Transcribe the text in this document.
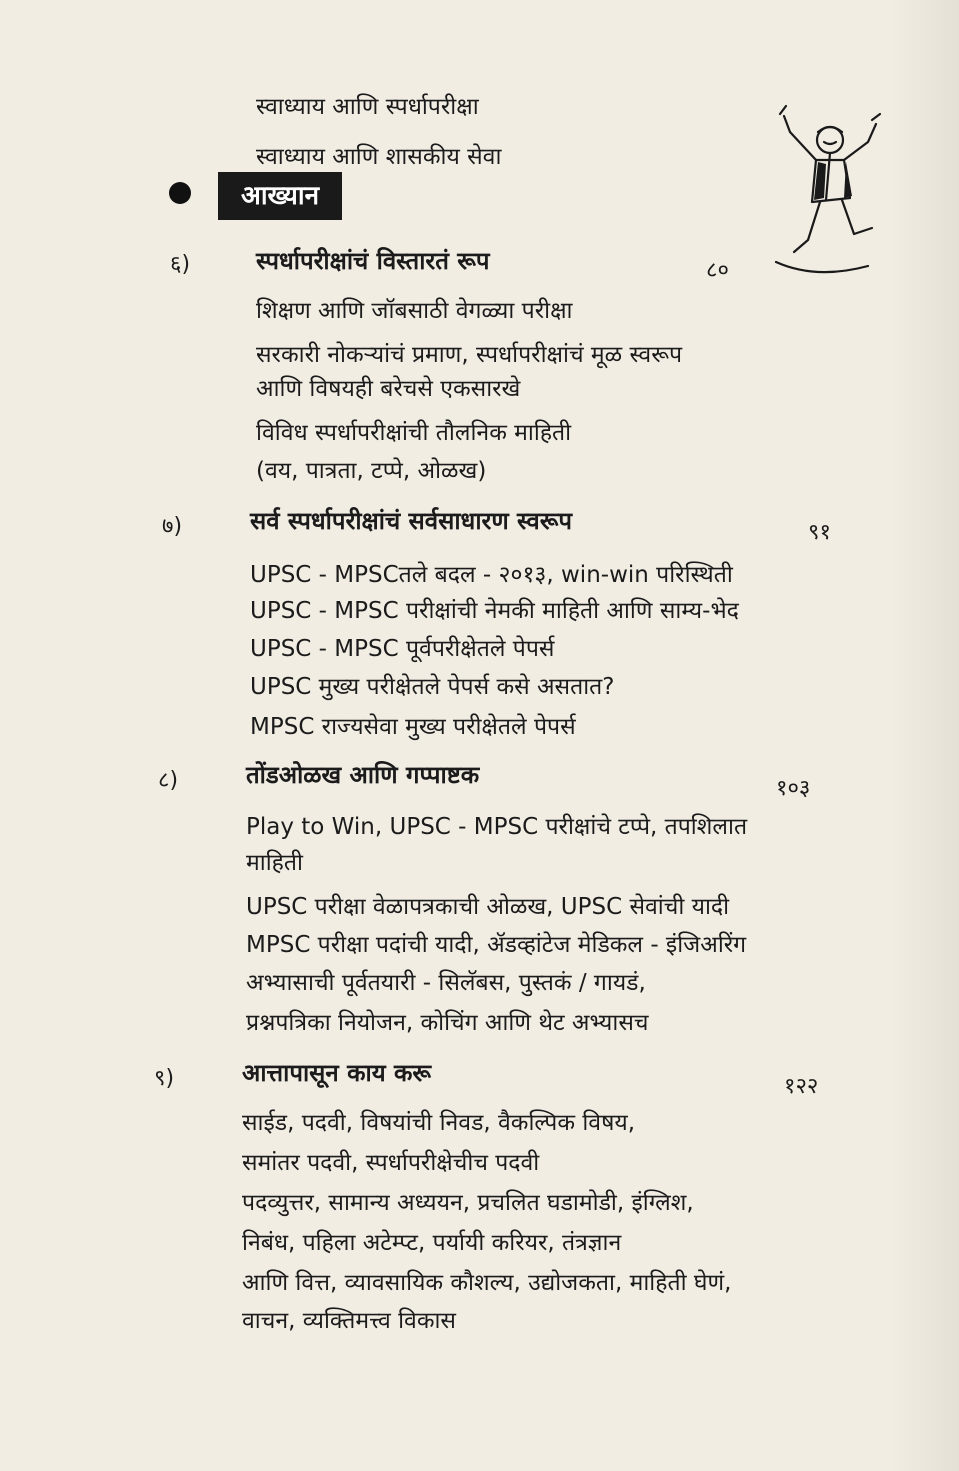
स्वाध्याय आणि स्पर्धापरीक्षा
स्वाध्याय आणि शासकीय सेवा
आख्यान
६)	स्पर्धापरीक्षांचं विस्तारतं रूप	८०
शिक्षण आणि जॉबसाठी वेगळ्या परीक्षा
सरकारी नोकऱ्यांचं प्रमाण, स्पर्धापरीक्षांचं मूळ स्वरूप
आणि विषयही बरेचसे एकसारखे
विविध स्पर्धापरीक्षांची तौलनिक माहिती
(वय, पात्रता, टप्पे, ओळख)
७)	सर्व स्पर्धापरीक्षांचं सर्वसाधारण स्वरूप	९१
UPSC - MPSCतले बदल - २०१३, win-win परिस्थिती
UPSC - MPSC परीक्षांची नेमकी माहिती आणि साम्य-भेद
UPSC - MPSC पूर्वपरीक्षेतले पेपर्स
UPSC मुख्य परीक्षेतले पेपर्स कसे असतात?
MPSC राज्यसेवा मुख्य परीक्षेतले पेपर्स
८)	तोंडओळख आणि गप्पाष्टक	१०३
Play to Win, UPSC - MPSC परीक्षांचे टप्पे, तपशिलात
माहिती
UPSC परीक्षा वेळापत्रकाची ओळख, UPSC सेवांची यादी
MPSC परीक्षा पदांची यादी, ॲडव्हांटेज मेडिकल - इंजिअरिंग
अभ्यासाची पूर्वतयारी - सिलॅबस, पुस्तकं / गायडं,
प्रश्नपत्रिका नियोजन, कोचिंग आणि थेट अभ्यासच
९)	आत्तापासून काय करू	१२२
साईड, पदवी, विषयांची निवड, वैकल्पिक विषय,
समांतर पदवी, स्पर्धापरीक्षेचीच पदवी
पदव्युत्तर, सामान्य अध्ययन, प्रचलित घडामोडी, इंग्लिश,
निबंध, पहिला अटेम्प्ट, पर्यायी करियर, तंत्रज्ञान
आणि वित्त, व्यावसायिक कौशल्य, उद्योजकता, माहिती घेणं,
वाचन, व्यक्तिमत्त्व विकास
